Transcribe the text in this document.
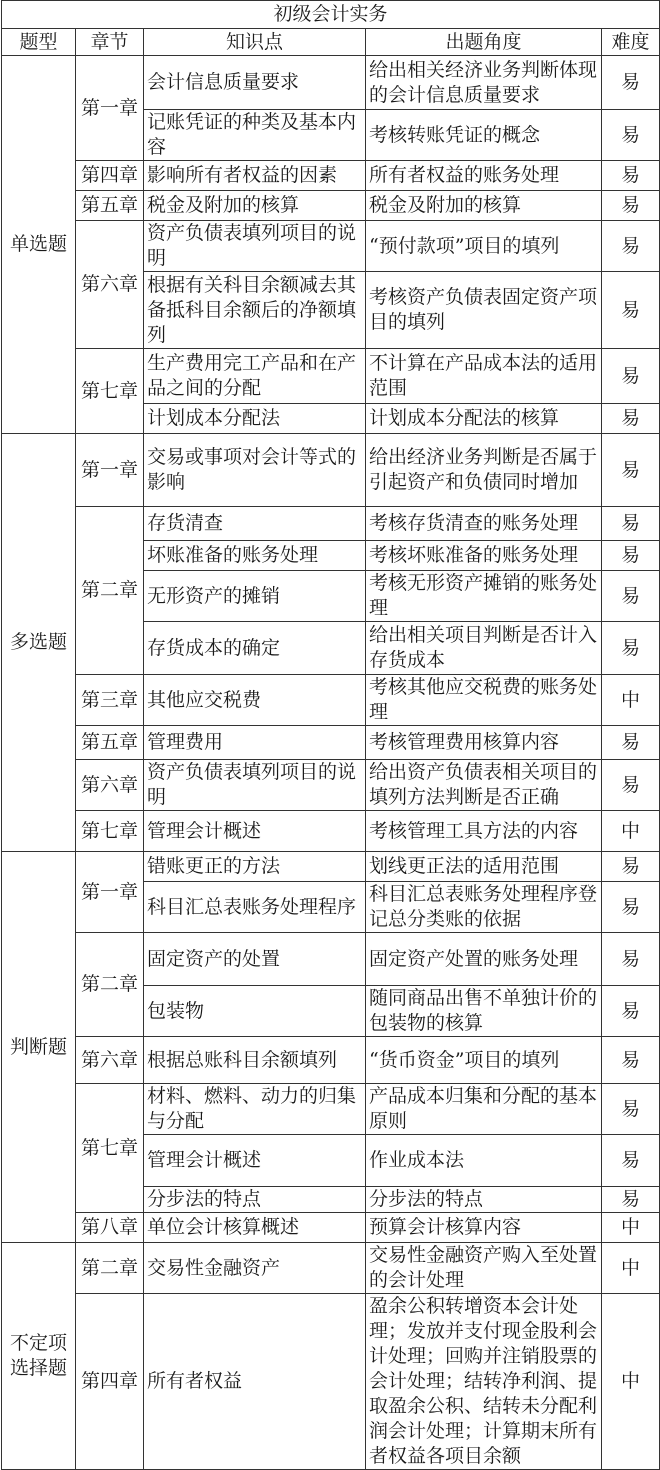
初级会计实务				
题型	章节	知识点	出题角度	难度
单选题	第一章	会计信息质量要求	给出相关经济业务判断体现的会计信息质量要求	易
		记账凭证的种类及基本内容	考核转账凭证的概念	易
	第四章	影响所有者权益的因素	所有者权益的账务处理	易
	第五章	税金及附加的核算	税金及附加的核算	易
	第六章	资产负债表填列项目的说明	“预付款项”项目的填列	易
		根据有关科目余额减去其备抵科目余额后的净额填列	考核资产负债表固定资产项目的填列	易
	第七章	生产费用完工产品和在产品之间的分配	不计算在产品成本法的适用范围	易
		计划成本分配法	计划成本分配法的核算	易
多选题	第一章	交易或事项对会计等式的影响	给出经济业务判断是否属于引起资产和负债同时增加	易
	第二章	存货清查	考核存货清查的账务处理	易
		坏账准备的账务处理	考核坏账准备的账务处理	易
		无形资产的摊销	考核无形资产摊销的账务处理	易
		存货成本的确定	给出相关项目判断是否计入存货成本	易
	第三章	其他应交税费	考核其他应交税费的账务处理	中
	第五章	管理费用	考核管理费用核算内容	易
	第六章	资产负债表填列项目的说明	给出资产负债表相关项目的填列方法判断是否正确	易
	第七章	管理会计概述	考核管理工具方法的内容	中
判断题	第一章	错账更正的方法	划线更正法的适用范围	易
		科目汇总表账务处理程序	科目汇总表账务处理程序登记总分类账的依据	易
	第二章	固定资产的处置	固定资产处置的账务处理	易
		包装物	随同商品出售不单独计价的包装物的核算	易
	第六章	根据总账科目余额填列	“货币资金”项目的填列	易
	第七章	材料、燃料、动力的归集与分配	产品成本归集和分配的基本原则	易
		管理会计概述	作业成本法	易
		分步法的特点	分步法的特点	易
	第八章	单位会计核算概述	预算会计核算内容	中
不定项选择题	第二章	交易性金融资产	交易性金融资产购入至处置的会计处理	中
	第四章	所有者权益	盈余公积转增资本会计处理；发放并支付现金股利会计处理；回购并注销股票的会计处理；结转净利润、提取盈余公积、结转未分配利润会计处理；计算期末所有者权益各项目余额	中
